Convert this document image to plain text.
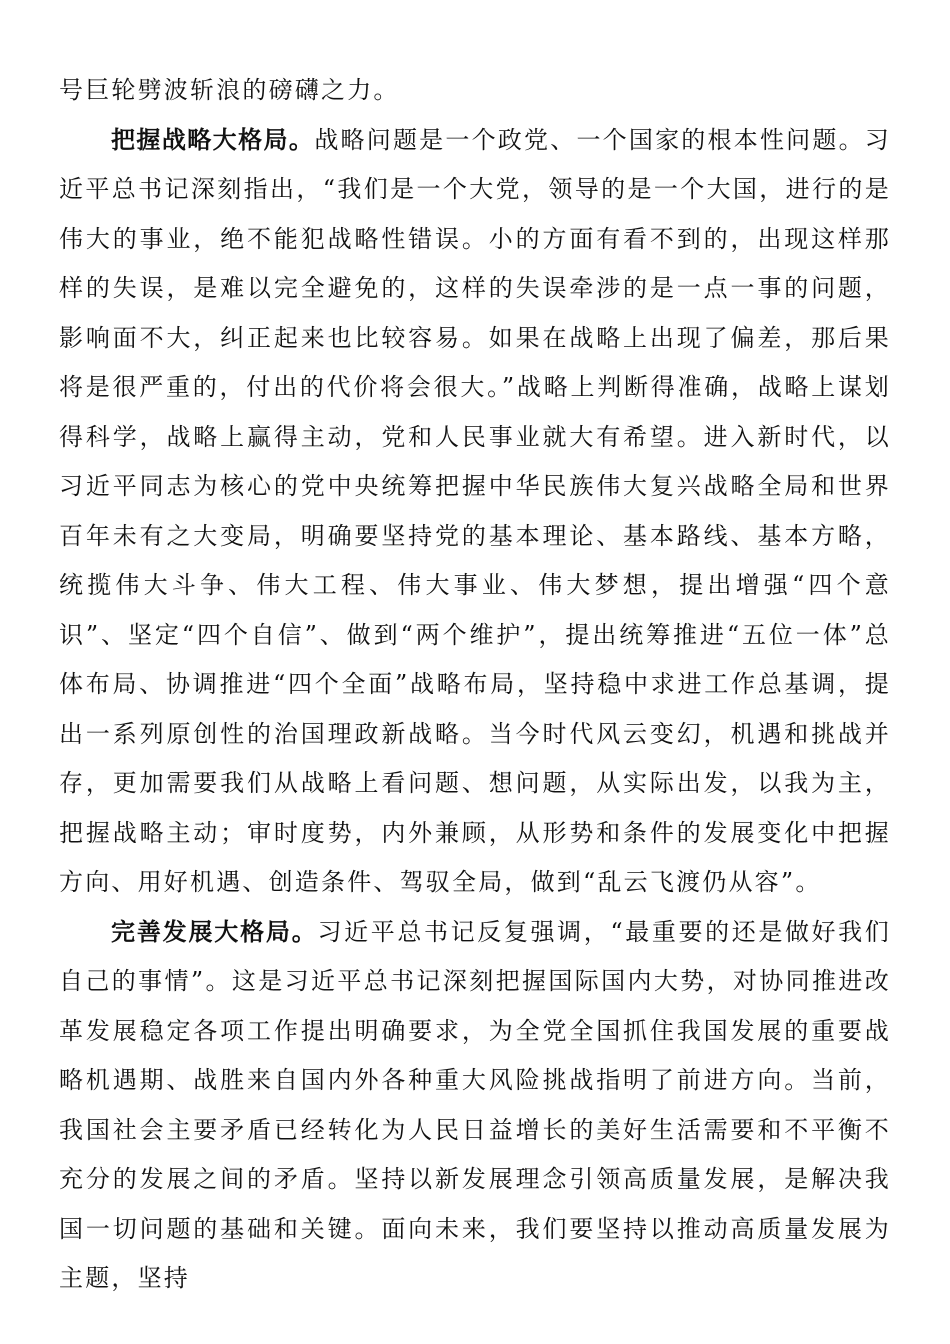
号巨轮劈波斩浪的磅礴之力。

把握战略大格局。战略问题是一个政党、一个国家的根本性问题。习近平总书记深刻指出，“我们是一个大党，领导的是一个大国，进行的是伟大的事业，绝不能犯战略性错误。小的方面有看不到的，出现这样那样的失误，是难以完全避免的，这样的失误牵涉的是一点一事的问题，影响面不大，纠正起来也比较容易。如果在战略上出现了偏差，那后果将是很严重的，付出的代价将会很大。”战略上判断得准确，战略上谋划得科学，战略上赢得主动，党和人民事业就大有希望。进入新时代，以习近平同志为核心的党中央统筹把握中华民族伟大复兴战略全局和世界百年未有之大变局，明确要坚持党的基本理论、基本路线、基本方略，统揽伟大斗争、伟大工程、伟大事业、伟大梦想，提出增强“四个意识”、坚定“四个自信”、做到“两个维护”，提出统筹推进“五位一体”总体布局、协调推进“四个全面”战略布局，坚持稳中求进工作总基调，提出一系列原创性的治国理政新战略。当今时代风云变幻，机遇和挑战并存，更加需要我们从战略上看问题、想问题，从实际出发，以我为主，把握战略主动；审时度势，内外兼顾，从形势和条件的发展变化中把握方向、用好机遇、创造条件、驾驭全局，做到“乱云飞渡仍从容”。

完善发展大格局。习近平总书记反复强调，“最重要的还是做好我们自己的事情”。这是习近平总书记深刻把握国际国内大势，对协同推进改革发展稳定各项工作提出明确要求，为全党全国抓住我国发展的重要战略机遇期、战胜来自国内外各种重大风险挑战指明了前进方向。当前，我国社会主要矛盾已经转化为人民日益增长的美好生活需要和不平衡不充分的发展之间的矛盾。坚持以新发展理念引领高质量发展，是解决我国一切问题的基础和关键。面向未来，我们要坚持以推动高质量发展为主题，坚持
